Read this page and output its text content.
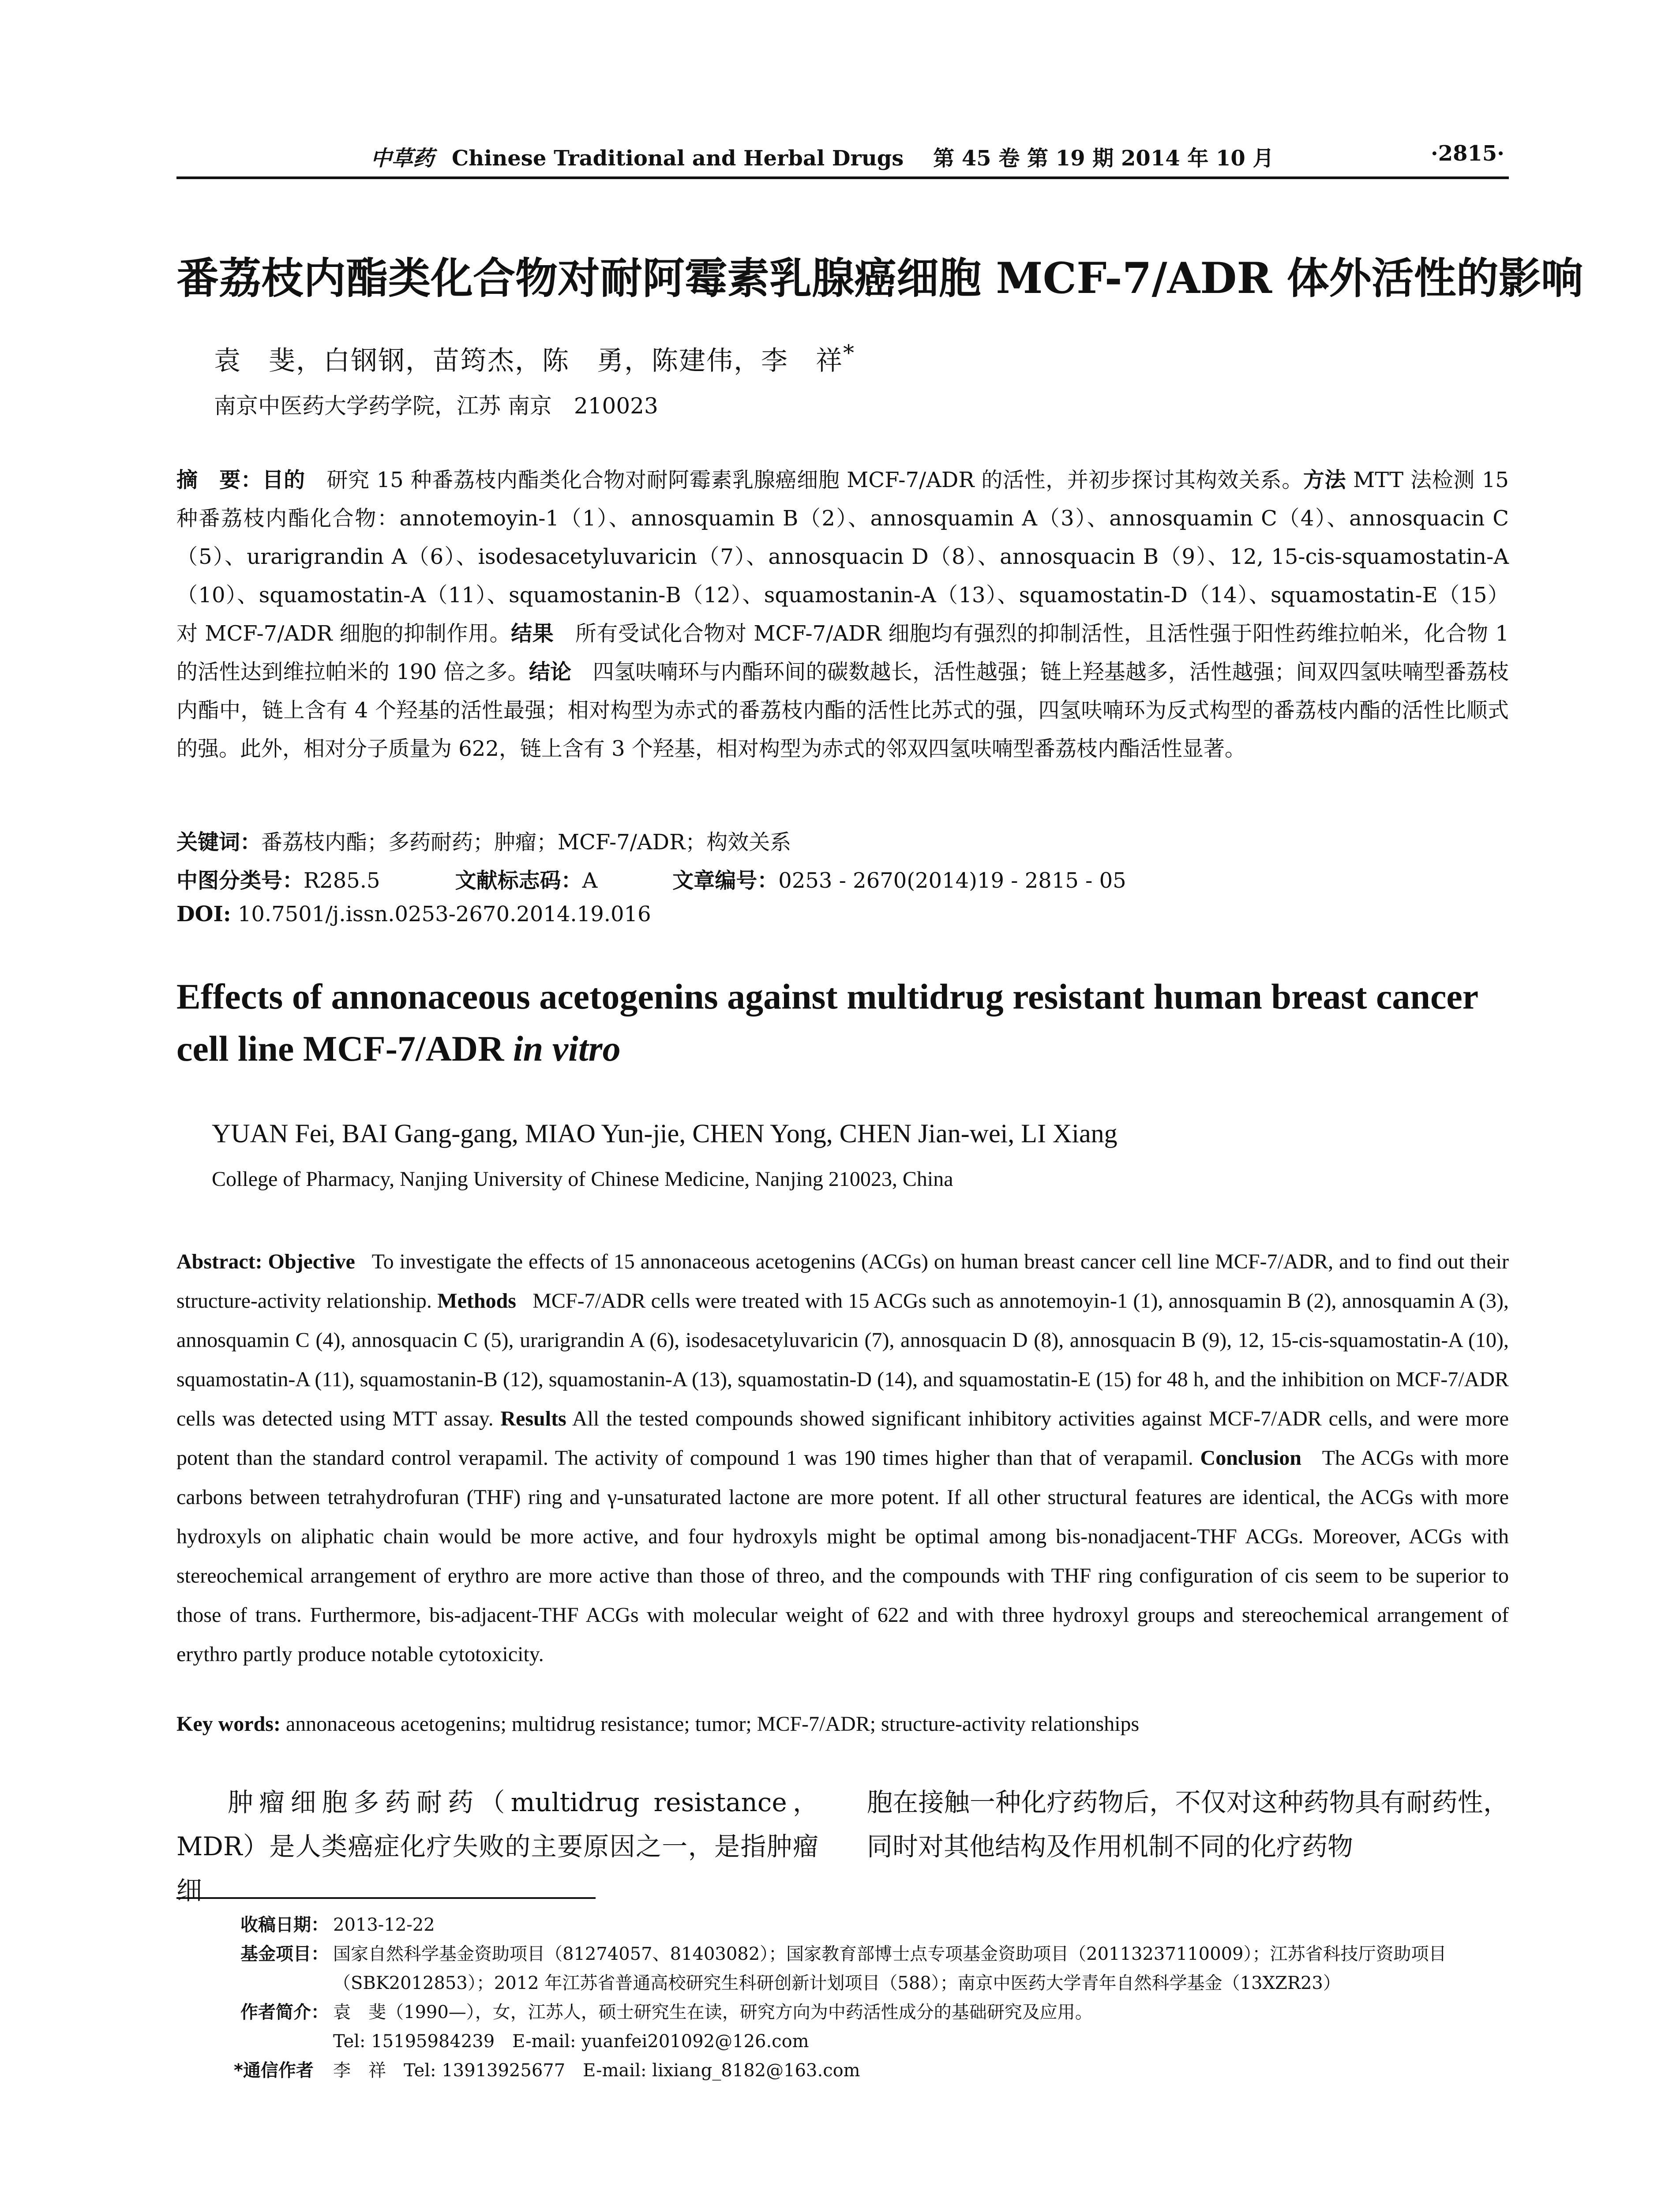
中草药 Chinese Traditional and Herbal Drugs 第 45 卷 第 19 期 2014 年 10 月	·2815·
番荔枝内酯类化合物对耐阿霉素乳腺癌细胞 MCF-7/ADR 体外活性的影响
袁　斐，白钢钢，苗筠杰，陈　勇，陈建伟，李　祥*
南京中医药大学药学院，江苏 南京　210023
摘　要：目的　 研究 15 种番荔枝内酯类化合物对耐阿霉素乳腺癌细胞 MCF-7/ADR 的活性，并初步探讨其构效关系。方法 MTT 法检测 15 种番荔枝内酯化合物：annotemoyin-1（1）、annosquamin B（2）、annosquamin A（3）、annosquamin C（4）、annosquacin C（5）、urarigrandin A（6）、isodesacetyluvaricin（7）、annosquacin D（8）、annosquacin B（9）、12, 15-cis-squamostatin-A（10）、squamostatin-A（11）、squamostanin-B（12）、squamostanin-A（13）、squamostatin-D（14）、squamostatin-E（15）对 MCF-7/ADR 细胞的抑制作用。结果　 所有受试化合物对 MCF-7/ADR 细胞均有强烈的抑制活性，且活性强于阳性药维拉帕米，化合物 1 的活性达到维拉帕米的 190 倍之多。结论　 四氢呋喃环与内酯环间的碳数越长，活性越强；链上羟基越多，活性越强；间双四氢呋喃型番荔枝内酯中，链上含有 4 个羟基的活性最强；相对构型为赤式的番荔枝内酯的活性比苏式的强，四氢呋喃环为反式构型的番荔枝内酯的活性比顺式的强。此外，相对分子质量为 622，链上含有 3 个羟基，相对构型为赤式的邻双四氢呋喃型番荔枝内酯活性显著。
关键词：番荔枝内酯；多药耐药；肿瘤；MCF-7/ADR；构效关系
中图分类号：R285.5	文献标志码：A	文章编号：0253 - 2670(2014)19 - 2815 - 05
DOI: 10.7501/j.issn.0253-2670.2014.19.016
Effects of annonaceous acetogenins against multidrug resistant human breast cancer cell line MCF-7/ADR in vitro
YUAN Fei, BAI Gang-gang, MIAO Yun-jie, CHEN Yong, CHEN Jian-wei, LI Xiang
College of Pharmacy, Nanjing University of Chinese Medicine, Nanjing 210023, China
Abstract: Objective To investigate the effects of 15 annonaceous acetogenins (ACGs) on human breast cancer cell line MCF-7/ADR, and to find out their structure-activity relationship. Methods MCF-7/ADR cells were treated with 15 ACGs such as annotemoyin-1 (1), annosquamin B (2), annosquamin A (3), annosquamin C (4), annosquacin C (5), urarigrandin A (6), isodesacetyluvaricin (7), annosquacin D (8), annosquacin B (9), 12, 15-cis-squamostatin-A (10), squamostatin-A (11), squamostanin-B (12), squamostanin-A (13), squamostatin-D (14), and squamostatin-E (15) for 48 h, and the inhibition on MCF-7/ADR cells was detected using MTT assay. Results All the tested compounds showed significant inhibitory activities against MCF-7/ADR cells, and were more potent than the standard control verapamil. The activity of compound 1 was 190 times higher than that of verapamil. Conclusion The ACGs with more carbons between tetrahydrofuran (THF) ring and γ-unsaturated lactone are more potent. If all other structural features are identical, the ACGs with more hydroxyls on aliphatic chain would be more active, and four hydroxyls might be optimal among bis-nonadjacent-THF ACGs. Moreover, ACGs with stereochemical arrangement of erythro are more active than those of threo, and the compounds with THF ring configuration of cis seem to be superior to those of trans. Furthermore, bis-adjacent-THF ACGs with molecular weight of 622 and with three hydroxyl groups and stereochemical arrangement of erythro partly produce notable cytotoxicity.
Key words: annonaceous acetogenins; multidrug resistance; tumor; MCF-7/ADR; structure-activity relationships
肿瘤细胞多药耐药（multidrug resistance，MDR）是人类癌症化疗失败的主要原因之一，是指肿瘤细
胞在接触一种化疗药物后，不仅对这种药物具有耐药性，同时对其他结构及作用机制不同的化疗药物
收稿日期： 2013-12-22
基金项目： 国家自然科学基金资助项目（81274057、81403082）；国家教育部博士点专项基金资助项目（20113237110009）；江苏省科技厅资助项目（SBK2012853）；2012 年江苏省普通高校研究生科研创新计划项目（588）；南京中医药大学青年自然科学基金（13XZR23）
作者简介： 袁　斐（1990—），女，江苏人，硕士研究生在读，研究方向为中药活性成分的基础研究及应用。
Tel: 15195984239　E-mail: yuanfei201092@126.com
*通信作者 李　祥　Tel: 13913925677　E-mail: lixiang_8182@163.com
